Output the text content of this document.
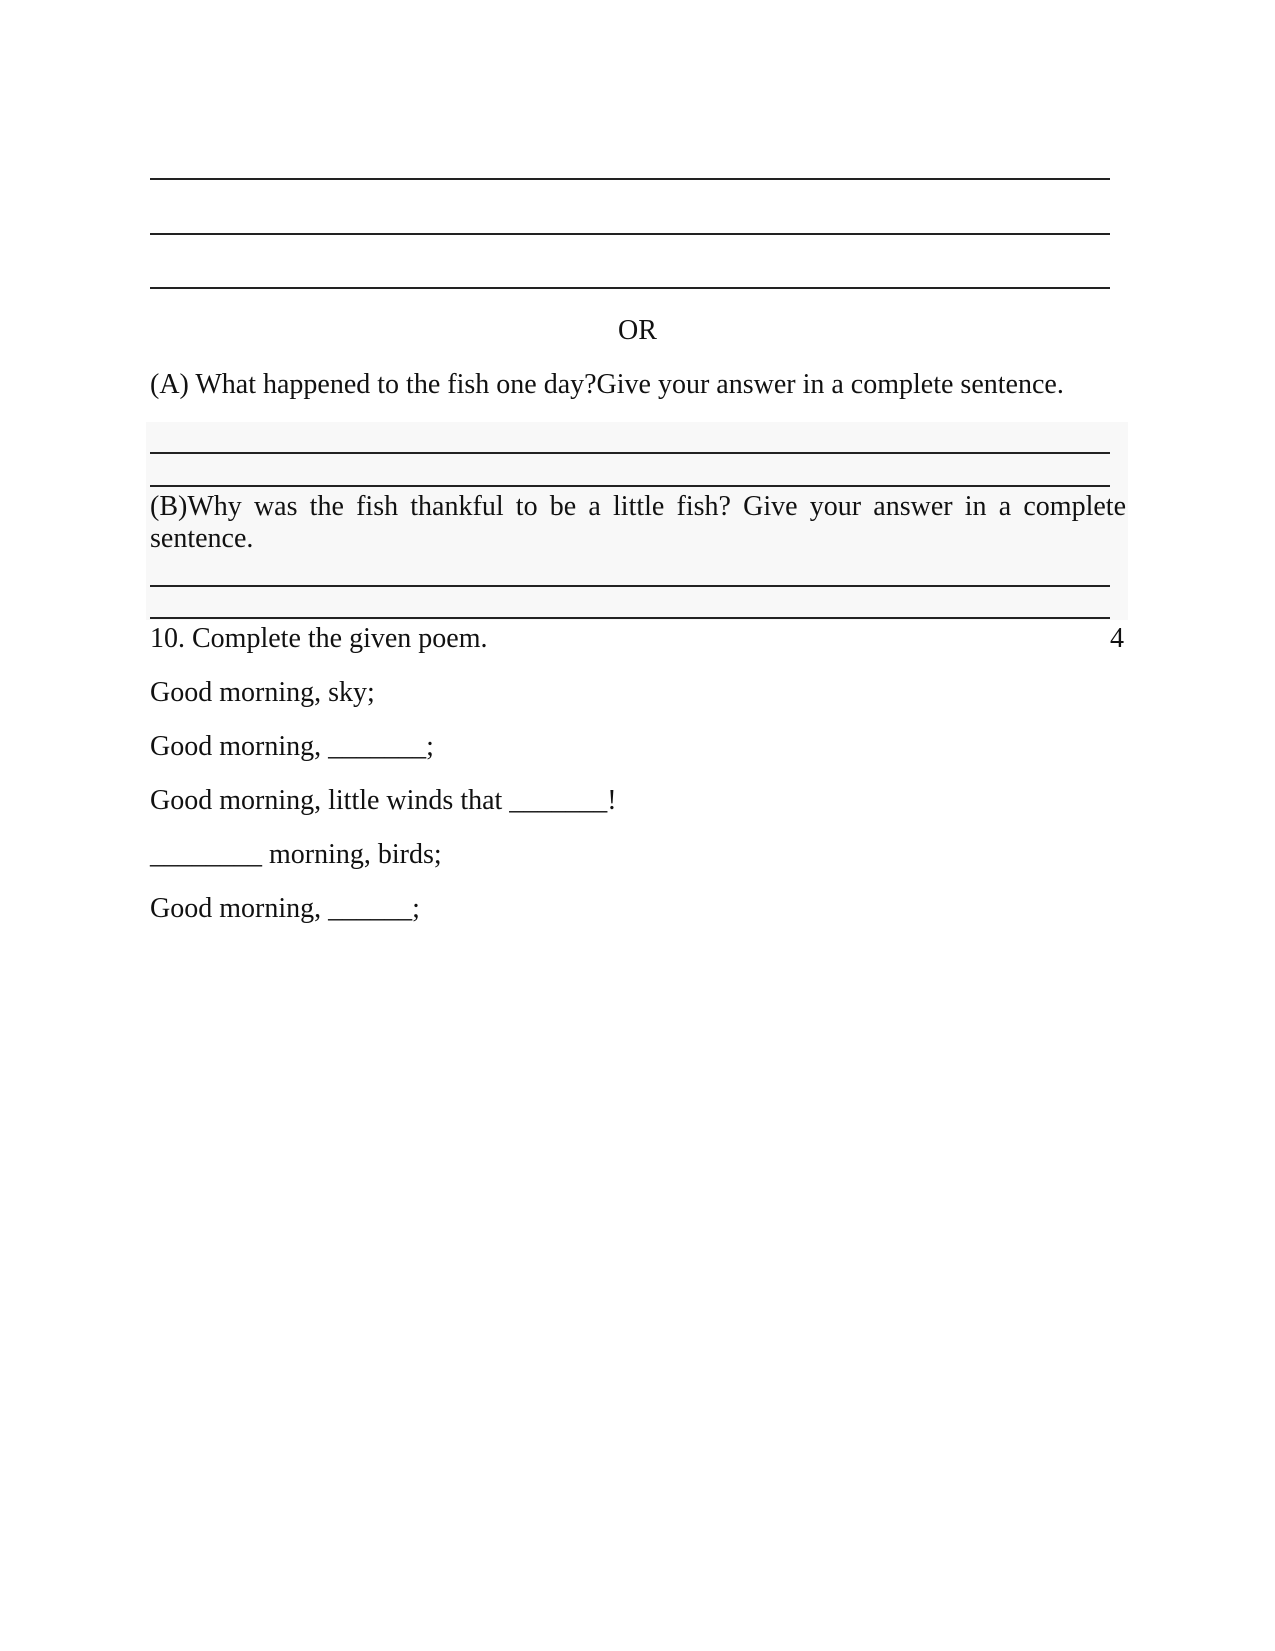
OR
(A) What happened to the fish one day?Give your answer in a complete sentence.
(B)Why was the fish thankful to be a little fish? Give your answer in a complete sentence.
10. Complete the given poem.	4
Good morning, sky;
Good morning, _______;
Good morning, little winds that _______!
________ morning, birds;
Good morning, ______;
